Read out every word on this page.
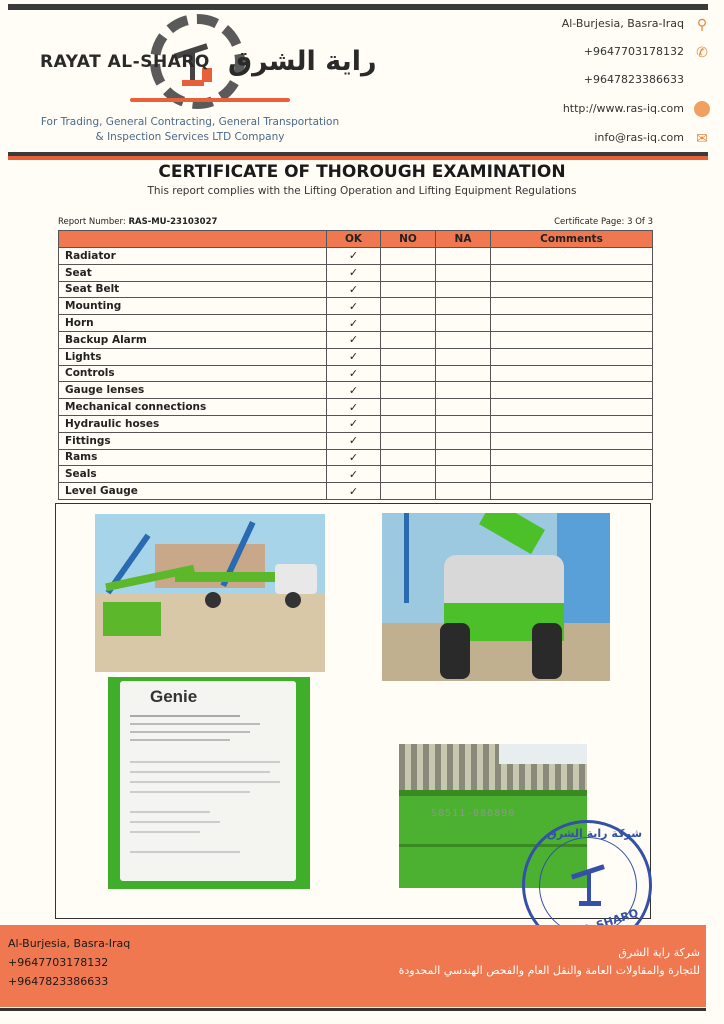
RAYAT AL-SHARQ راية الشرق
For Trading, General Contracting, General Transportation
& Inspection Services LTD Company
Al-Burjesia, Basra-Iraq ⚲
+9647703178132 ✆
+9647823386633
http://www.ras-iq.com
info@ras-iq.com ✉
CERTIFICATE OF THOROUGH EXAMINATION
This report complies with the Lifting Operation and Lifting Equipment Regulations
Report Number: RAS-MU-23103027	Certificate Page: 3 Of 3
	OK	NO	NA	Comments
Radiator	✓			
Seat	✓			
Seat Belt	✓			
Mounting	✓			
Horn	✓			
Backup Alarm	✓			
Lights	✓			
Controls	✓			
Gauge lenses	✓			
Mechanical connections	✓			
Hydraulic hoses	✓			
Fittings	✓			
Rams	✓			
Seals	✓			
Level Gauge	✓			
Genie
S8511-088890
شركة راية الشرق
Al-Burjesia, Basra-Iraq
+9647703178132
+9647823386633
شركة راية الشرق
للتجارة والمقاولات العامة والنقل العام والفحص الهندسي المحدودة
